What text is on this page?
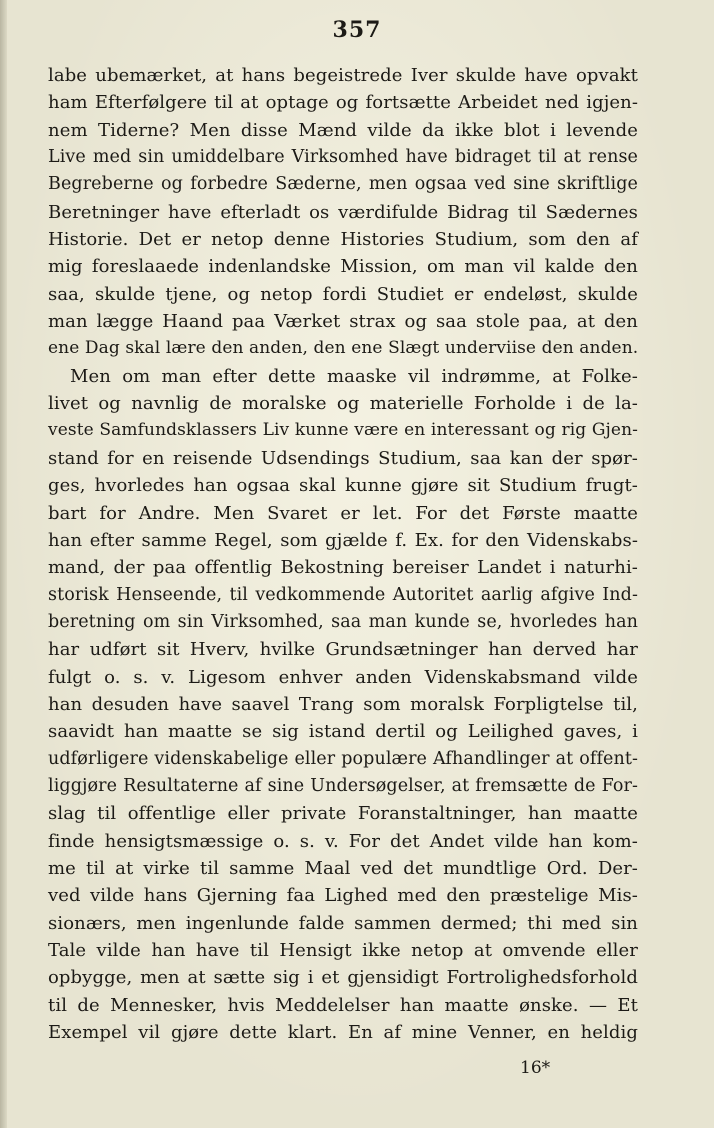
357
labe ubemærket, at hans begeistrede Iver skulde have opvakt
ham Efterfølgere til at optage og fortsætte Arbeidet ned igjen-
nem Tiderne? Men disse Mænd vilde da ikke blot i levende
Live med sin umiddelbare Virksomhed have bidraget til at rense
Begreberne og forbedre Sæderne, men ogsaa ved sine skriftlige
Beretninger have efterladt os værdifulde Bidrag til Sædernes
Historie. Det er netop denne Histories Studium, som den af
mig foreslaaede indenlandske Mission, om man vil kalde den
saa, skulde tjene, og netop fordi Studiet er endeløst, skulde
man lægge Haand paa Værket strax og saa stole paa, at den
ene Dag skal lære den anden, den ene Slægt underviise den anden.
Men om man efter dette maaske vil indrømme, at Folke-
livet og navnlig de moralske og materielle Forholde i de la-
veste Samfundsklassers Liv kunne være en interessant og rig Gjen-
stand for en reisende Udsendings Studium, saa kan der spør-
ges, hvorledes han ogsaa skal kunne gjøre sit Studium frugt-
bart for Andre. Men Svaret er let. For det Første maatte
han efter samme Regel, som gjælde f. Ex. for den Videnskabs-
mand, der paa offentlig Bekostning bereiser Landet i naturhi-
storisk Henseende, til vedkommende Autoritet aarlig afgive Ind-
beretning om sin Virksomhed, saa man kunde se, hvorledes han
har udført sit Hverv, hvilke Grundsætninger han derved har
fulgt o. s. v. Ligesom enhver anden Videnskabsmand vilde
han desuden have saavel Trang som moralsk Forpligtelse til,
saavidt han maatte se sig istand dertil og Leilighed gaves, i
udførligere videnskabelige eller populære Afhandlinger at offent-
liggjøre Resultaterne af sine Undersøgelser, at fremsætte de For-
slag til offentlige eller private Foranstaltninger, han maatte
finde hensigtsmæssige o. s. v. For det Andet vilde han kom-
me til at virke til samme Maal ved det mundtlige Ord. Der-
ved vilde hans Gjerning faa Lighed med den præstelige Mis-
sionærs, men ingenlunde falde sammen dermed; thi med sin
Tale vilde han have til Hensigt ikke netop at omvende eller
opbygge, men at sætte sig i et gjensidigt Fortrolighedsforhold
til de Mennesker, hvis Meddelelser han maatte ønske. — Et
Exempel vil gjøre dette klart. En af mine Venner, en heldig
16*
